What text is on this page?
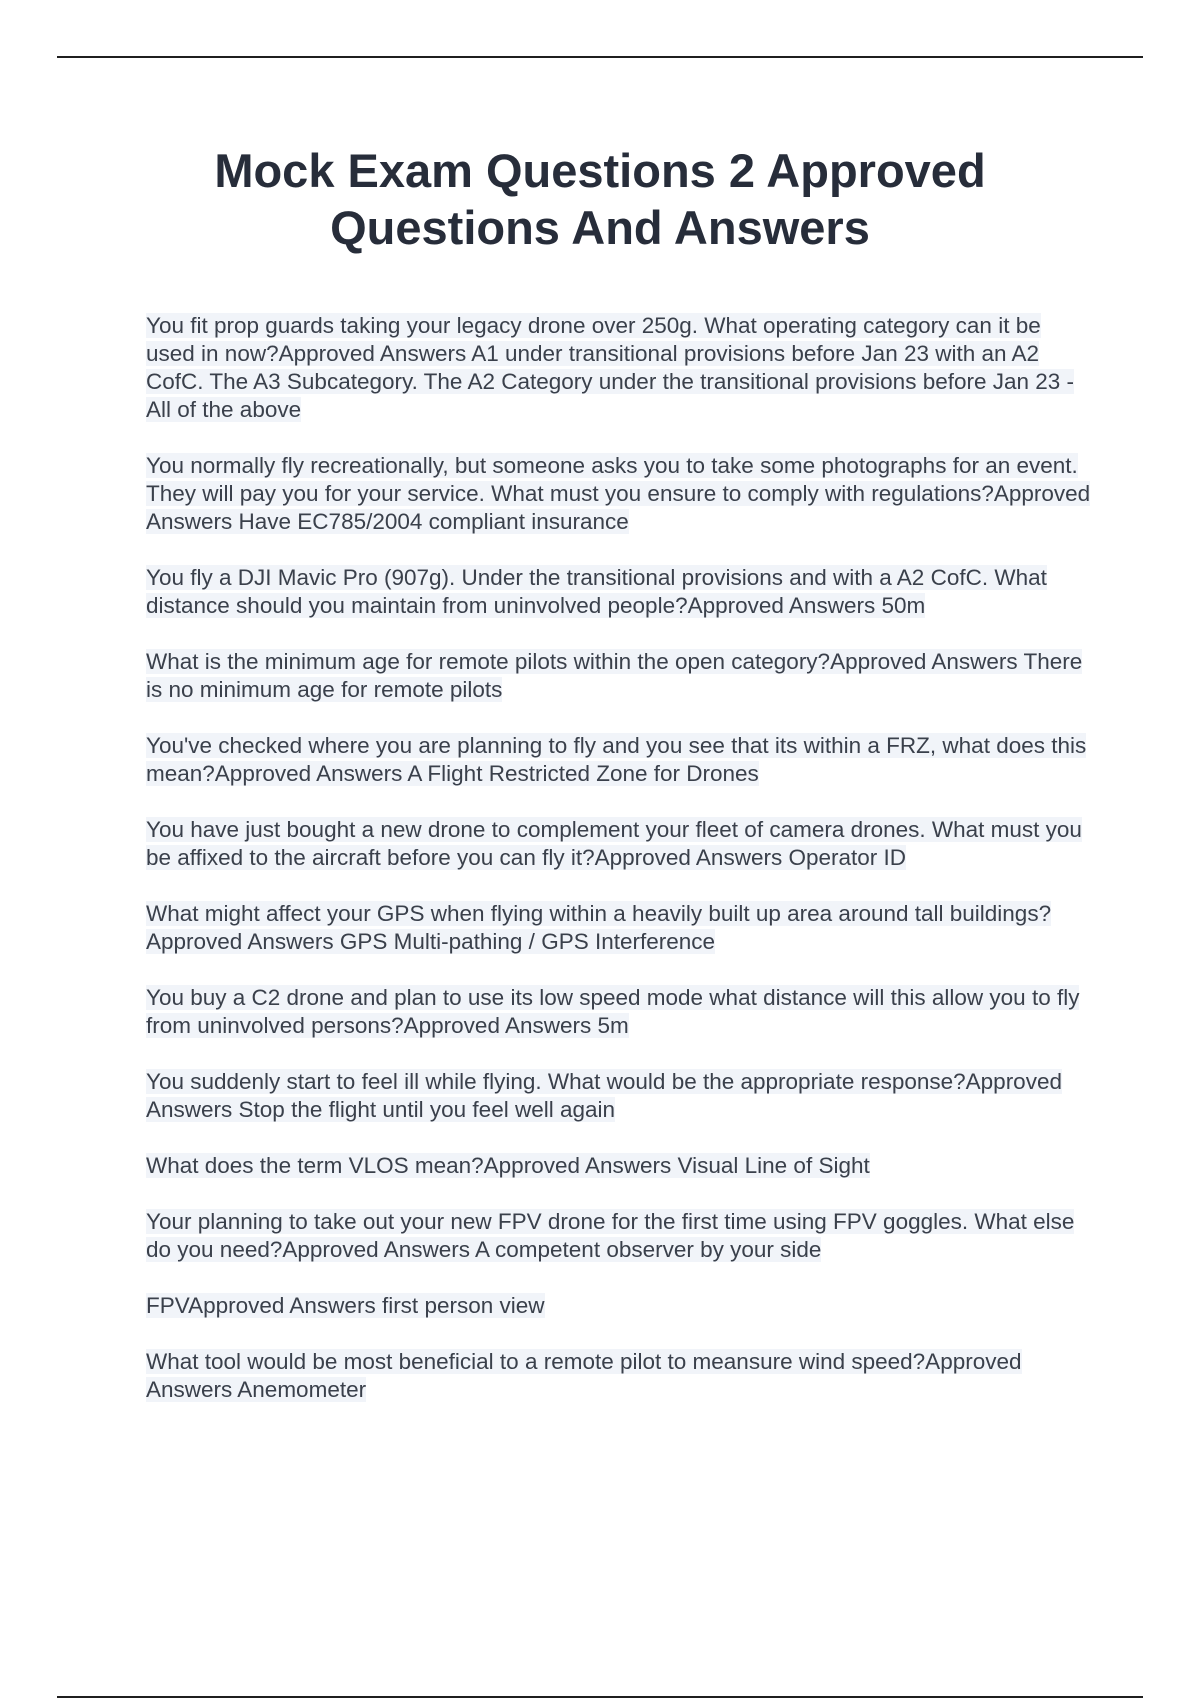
Mock Exam Questions 2 Approved Questions And Answers
You fit prop guards taking your legacy drone over 250g. What operating category can it be used in now?Approved Answers A1 under transitional provisions before Jan 23 with an A2 CofC. The A3 Subcategory. The A2 Category under the transitional provisions before Jan 23 - All of the above
You normally fly recreationally, but someone asks you to take some photographs for an event. They will pay you for your service. What must you ensure to comply with regulations?Approved Answers Have EC785/2004 compliant insurance
You fly a DJI Mavic Pro (907g). Under the transitional provisions and with a A2 CofC. What distance should you maintain from uninvolved people?Approved Answers 50m
What is the minimum age for remote pilots within the open category?Approved Answers There is no minimum age for remote pilots
You've checked where you are planning to fly and you see that its within a FRZ, what does this mean?Approved Answers A Flight Restricted Zone for Drones
You have just bought a new drone to complement your fleet of camera drones. What must you be affixed to the aircraft before you can fly it?Approved Answers Operator ID
What might affect your GPS when flying within a heavily built up area around tall buildings?Approved Answers GPS Multi-pathing / GPS Interference
You buy a C2 drone and plan to use its low speed mode what distance will this allow you to fly from uninvolved persons?Approved Answers 5m
You suddenly start to feel ill while flying. What would be the appropriate response?Approved Answers Stop the flight until you feel well again
What does the term VLOS mean?Approved Answers Visual Line of Sight
Your planning to take out your new FPV drone for the first time using FPV goggles. What else do you need?Approved Answers A competent observer by your side
FPVApproved Answers first person view
What tool would be most beneficial to a remote pilot to meansure wind speed?Approved Answers Anemometer
